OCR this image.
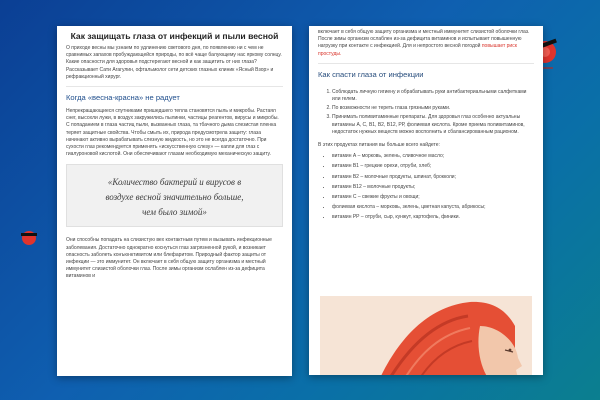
Как защищать глаза от инфекций и пыли весной

О приходе весны мы узнаем по удлинению светового дня, по появлению ни с чем не сравнимых запахов пробуждающейся природы, по всё чаще балующему нас яркому солнцу. Какие опасности для здоровья подстерегают весной и как защитить от них глаза? Рассказывает Сати Агагулин, офтальмолог сети детских глазных клиник «Ясный Взор» и рефракционный хирург.

Когда «весна-красна» не радует

Непрекращающиеся спутниками пришедшего тепла становятся пыль и микробы. Растаял снег, высохли лужи, в воздух закружились пылинки, частицы реагентов, вирусы и микробы. С попаданием в глаза частиц пыли, вызванных глаза, та тбачного дыма слезистая пленка теряет защитные свойства. Чтобы смыть их, природа предусмотрела защиту: глаза начинают активно вырабатывать слезную жидкость, но это не всегда достаточно. При сухости глаз рекомендуется применять «искусственную слезу» — капли для глаз с гиалуроновой кислотой. Они обеспечивают глазам необходимую механическую защиту.

«Количество бактерий и вирусов в
воздухе весной значительно больше,
чем было зимой»

Они способны попадать на слизистую вех контактным путем и вызывать инфекционные заболевания. Достаточно однократно коснуться глаз загрязненной рукой, и возникает опасность заболеть конъюнктивитом или блефаритом. Природный фактор защиты от инфекции — это иммунитет. Он включает в себя общую защиту организма и местный иммунитет слизистой оболочки глаз. После зимы организм ослаблен из-за дефицита витаминов и

включает в себя общую защиту организма и местный иммунитет слизистой оболочки глаз. После зимы организм ослаблен из-за дефицита витаминов и испытывает повышенную нагрузку при контакте с инфекцией. Для и непростого весной погодой повышает риск простуды.

Как спасти глаза от инфекции
1. Соблюдать личную гигиену и обрабатывать руки антибактериальными салфетками или гелем.
2. По возможности не тереть глаза грязными руками.
3. Принимать поливитаминные препараты. Для здоровья глаз особенно актуальны витамины А, С, В1, В2, В12, РР, фолиевая кислота. Кроме приема поливитаминов, недостаток нужных веществ можно восполнить и сбалансированным рационом.

В этих продуктах питания вы больше всего найдете:

• витамин А – морковь, зелень, сливочное масло;
• витамин В1 – грецкие орехи, отруби, хлеб;
• витамин В2 – молочные продукты, шпинат, брокколи;
• витамин В12 – молочные продукты;
• витамин С – свежие фрукты и овощи;
• фолиевая кислота – морковь, зелень, цветная капуста, абрикосы;
• витамин РР – отруби, сыр, кунжут, картофель, финики.
